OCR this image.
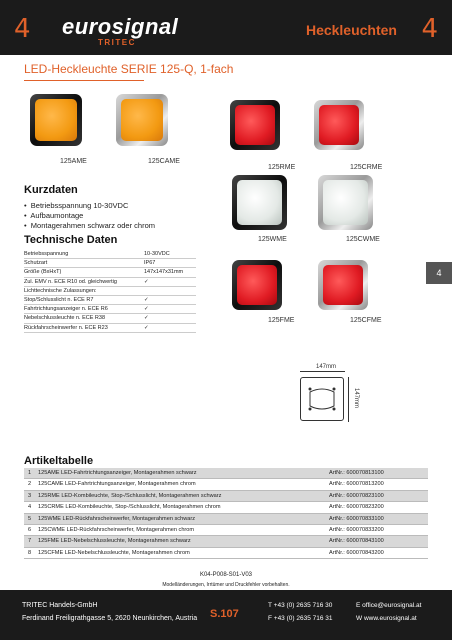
4 eurosignal
TRITEC
Heckleuchten 4
LED-Heckleuchte SERIE 125-Q, 1-fach
125AME	125CAME
125RME	125CRME
125WME	125CWME
125FME	125CFME
Kurzdaten
•  Betriebsspannung 10-30VDC
•  Aufbaumontage
•  Montagerahmen schwarz oder chrom
Technische Daten
Betriebsspannung	10-30VDC
Schutzart	IP67
Größe (BxHxT)	147x147x31mm
Zul. EMV n. ECE R10 od. gleichwertig	✓
Lichttechnische Zulassungen:
Stop/Schlusslicht n. ECE R7	✓
Fahrtrichtungsanzeiger n. ECE R6	✓
Nebelschlussleuchte n. ECE R38	✓
Rückfahrscheinwerfer n. ECE R23	✓
4
147mm
147mm
Artikeltabelle
1 125AME LED-Fahrtrichtungsanzeiger, Montagerahmen schwarz	ArtNr.: 600070813100
2 125CAME LED-Fahrtrichtungsanzeiger, Montagerahmen chrom	ArtNr.: 600070813200
3 125RME LED-Kombileuchte, Stop-/Schlusslicht, Montagerahmen schwarz	ArtNr.: 600070823100
4 125CRME LED-Kombileuchte, Stop-/Schlusslicht, Montagerahmen chrom	ArtNr.: 600070823200
5 125WME LED-Rückfahrscheinwerfer, Montagerahmen schwarz	ArtNr.: 600070833100
6 125CWME LED-Rückfahrscheinwerfer, Montagerahmen chrom	ArtNr.: 600070833200
7 125FME LED-Nebelschlussleuchte, Montagerahmen schwarz	ArtNr.: 600070843100
8 125CFME LED-Nebelschlussleuchte, Montagerahmen chrom	ArtNr.: 600070843200
K04-P008-S01-V03
Modelländerungen, Irrtümer und Druckfehler vorbehalten.
TRITEC Handels-GmbH
Ferdinand Freiligrathgasse 5, 2620 Neunkirchen, Austria S.107
T +43 (0) 2635 716 30
F +43 (0) 2635 716 31
E office@eurosignal.at
W www.eurosignal.at
